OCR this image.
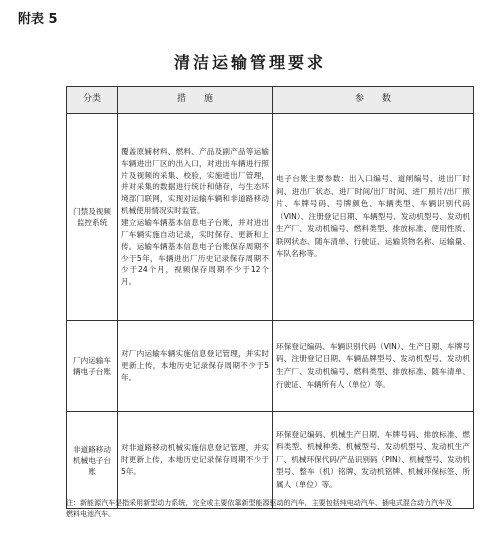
附表 5
清洁运输管理要求
分类	措　　施	参　　数
门禁及视频监控系统	覆盖原辅材料、燃料、产品及副产品等运输车辆进出厂区的出入口，对进出车辆进行照片及视频的采集、校验，实施进出厂管理，并对采集的数据进行统计和储存，与生态环境部门联网，实现对运输车辆和非道路移动机械使用情况实时监管。
建立运输车辆基本信息电子台账，并对进出厂车辆实施自动记录，实时保存、更新和上传。运输车辆基本信息电子台账保存周期不少于5年，车辆进出厂历史记录保存周期不少于24个月，视频保存周期不少于12个月。	电子台账主要参数：出入口编号、道闸编号、进出厂时间、进出厂状态、进厂时间/出厂时间、进厂照片/出厂照片、车牌号码、号牌颜色、车辆类型、车辆识别代码（VIN）、注册登记日期、车辆型号、发动机型号、发动机生产厂、发动机编号、燃料类型、排放标准、使用性质、联网状态、随车清单、行驶证、运输货物名称、运输量、车队名称等。
厂内运输车辆电子台账	对厂内运输车辆实施信息登记管理，并实时更新上传，本地历史记录保存周期不少于5年。	环保登记编码、车辆识别代码（VIN）、生产日期、车牌号码、注册登记日期、车辆品牌型号、发动机型号、发动机生产厂、发动机编号、燃料类型、排放标准、随车清单、行驶证、车辆所有人（单位）等。
非道路移动机械电子台账	对非道路移动机械实施信息登记管理，并实时更新上传，本地历史记录保存周期不少于5年。	环保登记编码、机械生产日期、车牌号码、排放标准、燃料类型、机械种类、机械型号、发动机型号、发动机生产厂、机械环保代码/产品识别码（PIN）、机械型号、发动机型号、整车（机）铭牌、发动机铭牌、机械环保标签、所属人（单位）等。
注：新能源汽车是指采用新型动力系统，完全或主要依靠新型能源驱动的汽车，主要包括纯电动汽车、插电式混合动力汽车及燃料电池汽车。
